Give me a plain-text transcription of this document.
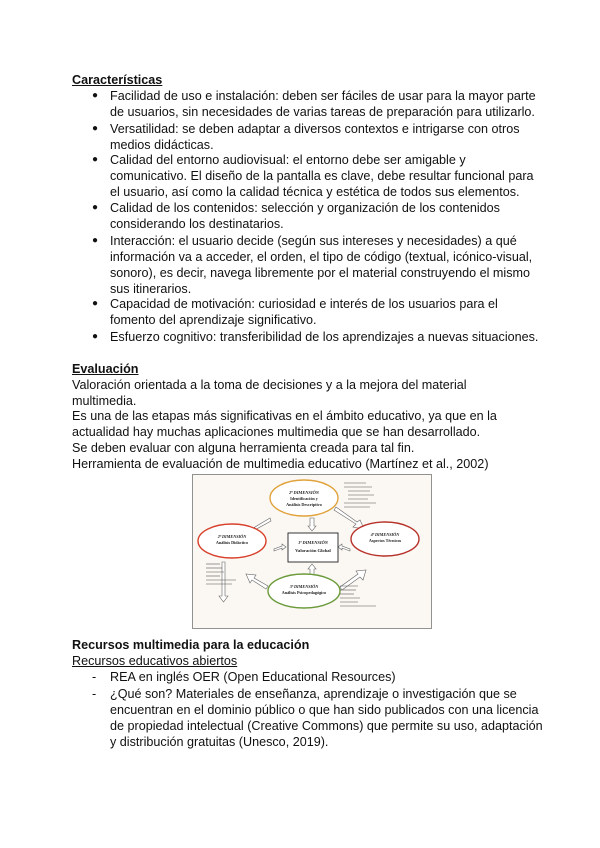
Características
● Facilidad de uso e instalación: deben ser fáciles de usar para la mayor parte
de usuarios, sin necesidades de varias tareas de preparación para utilizarlo.
● Versatilidad: se deben adaptar a diversos contextos e intrigarse con otros
medios didácticas.
● Calidad del entorno audiovisual: el entorno debe ser amigable y
comunicativo. El diseño de la pantalla es clave, debe resultar funcional para
el usuario, así como la calidad técnica y estética de todos sus elementos.
● Calidad de los contenidos: selección y organización de los contenidos
considerando los destinatarios.
● Interacción: el usuario decide (según sus intereses y necesidades) a qué
información va a acceder, el orden, el tipo de código (textual, icónico-visual,
sonoro), es decir, navega libremente por el material construyendo el mismo
sus itinerarios.
● Capacidad de motivación: curiosidad e interés de los usuarios para el
fomento del aprendizaje significativo.
● Esfuerzo cognitivo: transferibilidad de los aprendizajes a nuevas situaciones.
Evaluación
Valoración orientada a la toma de decisiones y a la mejora del material
multimedia.
Es una de las etapas más significativas en el ámbito educativo, ya que en la
actualidad hay muchas aplicaciones multimedia que se han desarrollado.
Se deben evaluar con alguna herramienta creada para tal fin.
Herramienta de evaluación de multimedia educativo (Martínez et al., 2002)
2ª DIMENSIÓN
Identificación y
Análisis Descriptivo
2ª DIMENSIÓN
Análisis Didáctico
4ª DIMENSIÓN
Aspectos Técnicos
3ª DIMENSIÓN
Análisis Psicopedagógico
1ª DIMENSIÓN
Valoración Global
Recursos multimedia para la educación
Recursos educativos abiertos
- REA en inglés OER (Open Educational Resources)
- ¿Qué son? Materiales de enseñanza, aprendizaje o investigación que se
encuentran en el dominio público o que han sido publicados con una licencia
de propiedad intelectual (Creative Commons) que permite su uso, adaptación
y distribución gratuitas (Unesco, 2019).
